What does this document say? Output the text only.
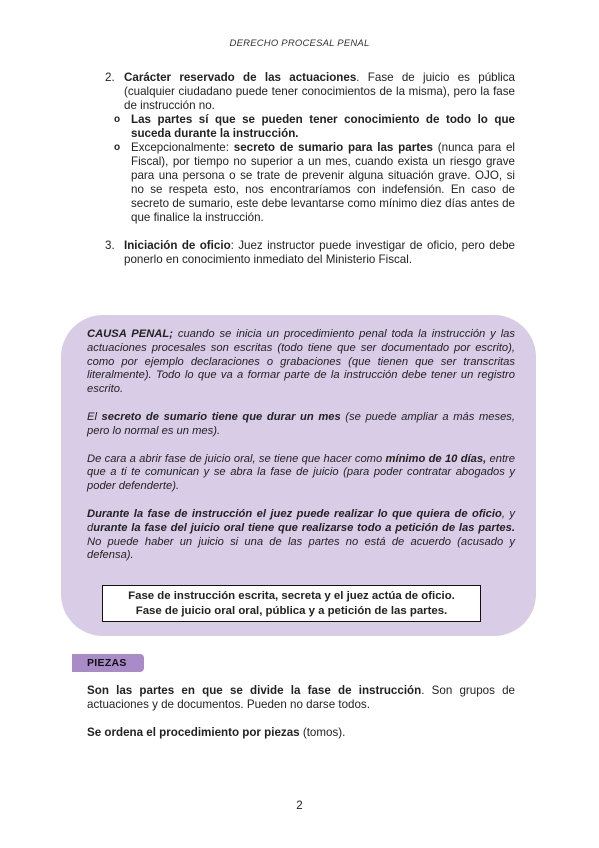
DERECHO PROCESAL PENAL
2. Carácter reservado de las actuaciones. Fase de juicio es pública (cualquier ciudadano puede tener conocimientos de la misma), pero la fase de instrucción no.
o Las partes sí que se pueden tener conocimiento de todo lo que suceda durante la instrucción.
o Excepcionalmente: secreto de sumario para las partes (nunca para el Fiscal), por tiempo no superior a un mes, cuando exista un riesgo grave para una persona o se trate de prevenir alguna situación grave. OJO, si no se respeta esto, nos encontraríamos con indefensión. En caso de secreto de sumario, este debe levantarse como mínimo diez días antes de que finalice la instrucción.
3. Iniciación de oficio: Juez instructor puede investigar de oficio, pero debe ponerlo en conocimiento inmediato del Ministerio Fiscal.

CAUSA PENAL; cuando se inicia un procedimiento penal toda la instrucción y las actuaciones procesales son escritas (todo tiene que ser documentado por escrito), como por ejemplo declaraciones o grabaciones (que tienen que ser transcritas literalmente). Todo lo que va a formar parte de la instrucción debe tener un registro escrito.

El secreto de sumario tiene que durar un mes (se puede ampliar a más meses, pero lo normal es un mes).

De cara a abrir fase de juicio oral, se tiene que hacer como mínimo de 10 días, entre que a ti te comunican y se abra la fase de juicio (para poder contratar abogados y poder defenderte).

Durante la fase de instrucción el juez puede realizar lo que quiera de oficio, y durante la fase del juicio oral tiene que realizarse todo a petición de las partes. No puede haber un juicio si una de las partes no está de acuerdo (acusado y defensa).

Fase de instrucción escrita, secreta y el juez actúa de oficio.
Fase de juicio oral oral, pública y a petición de las partes.
PIEZAS

Son las partes en que se divide la fase de instrucción. Son grupos de actuaciones y de documentos. Pueden no darse todos.

Se ordena el procedimiento por piezas (tomos).

2
